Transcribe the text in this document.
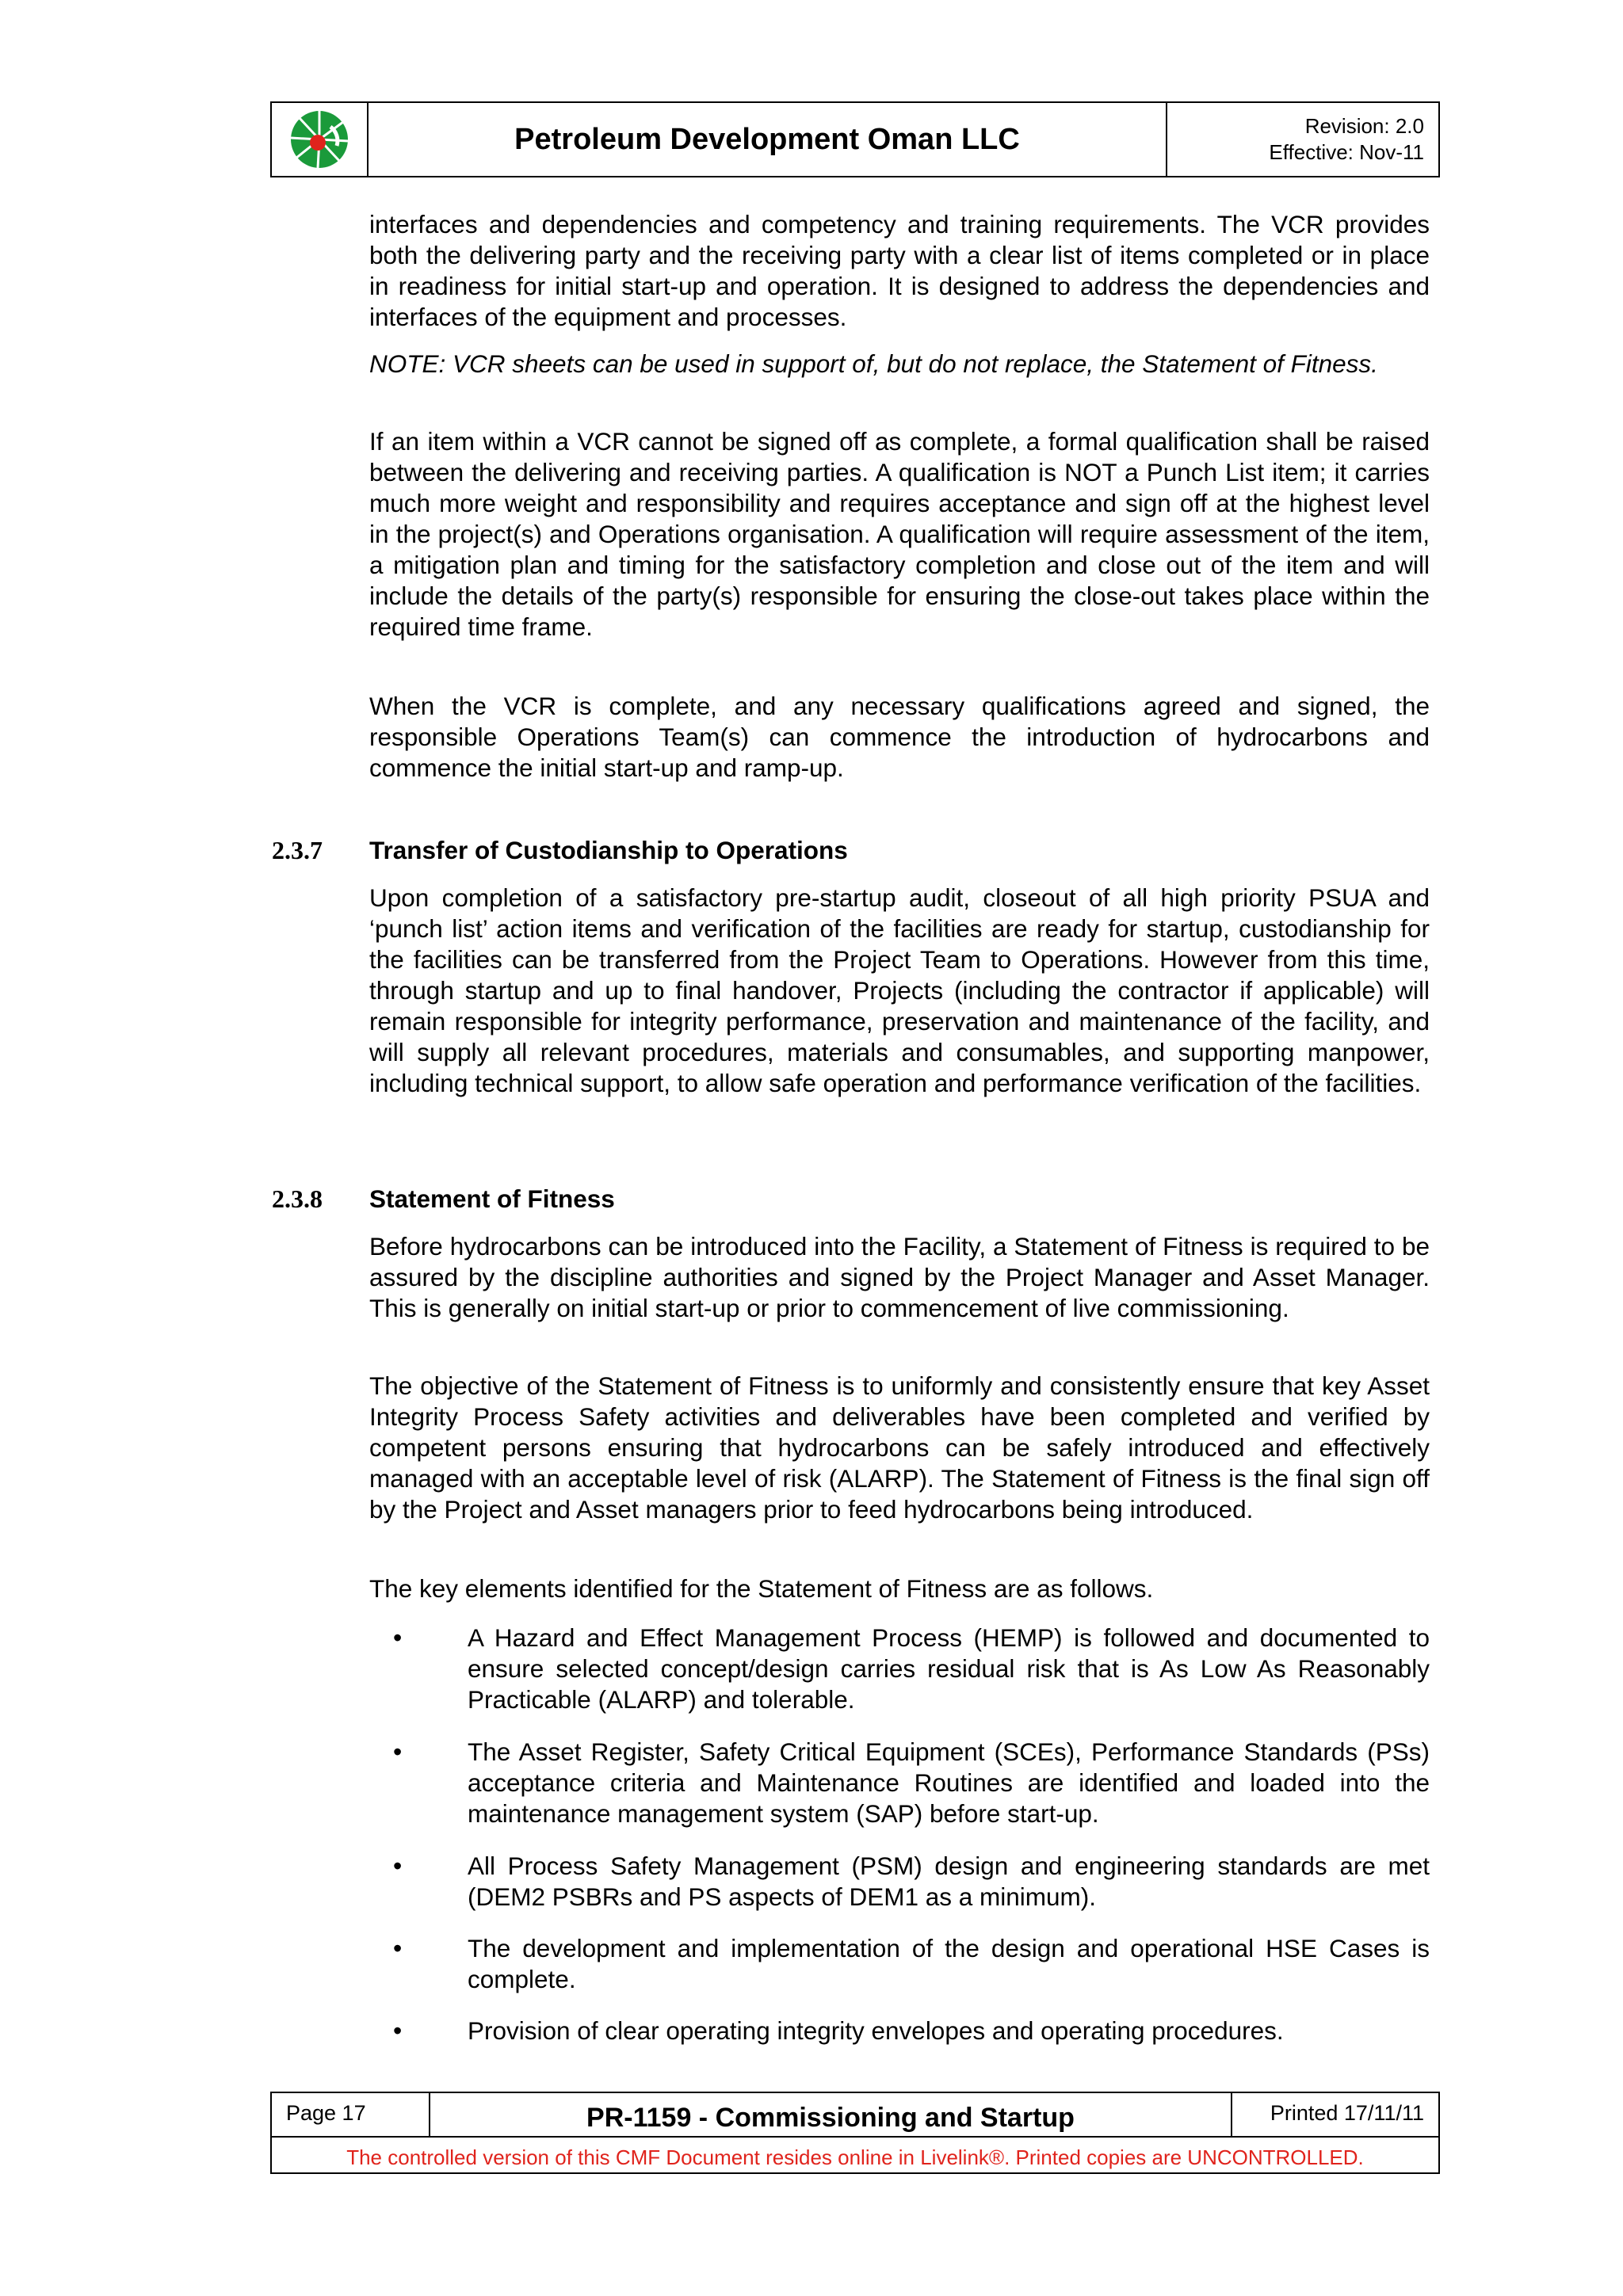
Petroleum Development Oman LLC	Revision: 2.0
Effective: Nov-11

interfaces and dependencies and competency and training requirements. The VCR provides both the delivering party and the receiving party with a clear list of items completed or in place in readiness for initial start-up and operation. It is designed to address the dependencies and interfaces of the equipment and processes.

NOTE: VCR sheets can be used in support of, but do not replace, the Statement of Fitness.

If an item within a VCR cannot be signed off as complete, a formal qualification shall be raised between the delivering and receiving parties. A qualification is NOT a Punch List item; it carries much more weight and responsibility and requires acceptance and sign off at the highest level in the project(s) and Operations organisation. A qualification will require assessment of the item, a mitigation plan and timing for the satisfactory completion and close out of the item and will include the details of the party(s) responsible for ensuring the close-out takes place within the required time frame.

When the VCR is complete, and any necessary qualifications agreed and signed, the responsible Operations Team(s) can commence the introduction of hydrocarbons and commence the initial start-up and ramp-up.

2.3.7 Transfer of Custodianship to Operations

Upon completion of a satisfactory pre-startup audit, closeout of all high priority PSUA and ‘punch list’ action items and verification of the facilities are ready for startup, custodianship for the facilities can be transferred from the Project Team to Operations. However from this time, through startup and up to final handover, Projects (including the contractor if applicable) will remain responsible for integrity performance, preservation and maintenance of the facility, and will supply all relevant procedures, materials and consumables, and supporting manpower, including technical support, to allow safe operation and performance verification of the facilities.

2.3.8 Statement of Fitness

Before hydrocarbons can be introduced into the Facility, a Statement of Fitness is required to be assured by the discipline authorities and signed by the Project Manager and Asset Manager. This is generally on initial start-up or prior to commencement of live commissioning.

The objective of the Statement of Fitness is to uniformly and consistently ensure that key Asset Integrity Process Safety activities and deliverables have been completed and verified by competent persons ensuring that hydrocarbons can be safely introduced and effectively managed with an acceptable level of risk (ALARP). The Statement of Fitness is the final sign off by the Project and Asset managers prior to feed hydrocarbons being introduced.

The key elements identified for the Statement of Fitness are as follows.

•	A Hazard and Effect Management Process (HEMP) is followed and documented to ensure selected concept/design carries residual risk that is As Low As Reasonably Practicable (ALARP) and tolerable.

•	The Asset Register, Safety Critical Equipment (SCEs), Performance Standards (PSs) acceptance criteria and Maintenance Routines are identified and loaded into the maintenance management system (SAP) before start-up.

•	All Process Safety Management (PSM) design and engineering standards are met (DEM2 PSBRs and PS aspects of DEM1 as a minimum).

•	The development and implementation of the design and operational HSE Cases is complete.

•	Provision of clear operating integrity envelopes and operating procedures.

Page 17	PR-1159 - Commissioning and Startup	Printed 17/11/11
The controlled version of this CMF Document resides online in Livelink®. Printed copies are UNCONTROLLED.
